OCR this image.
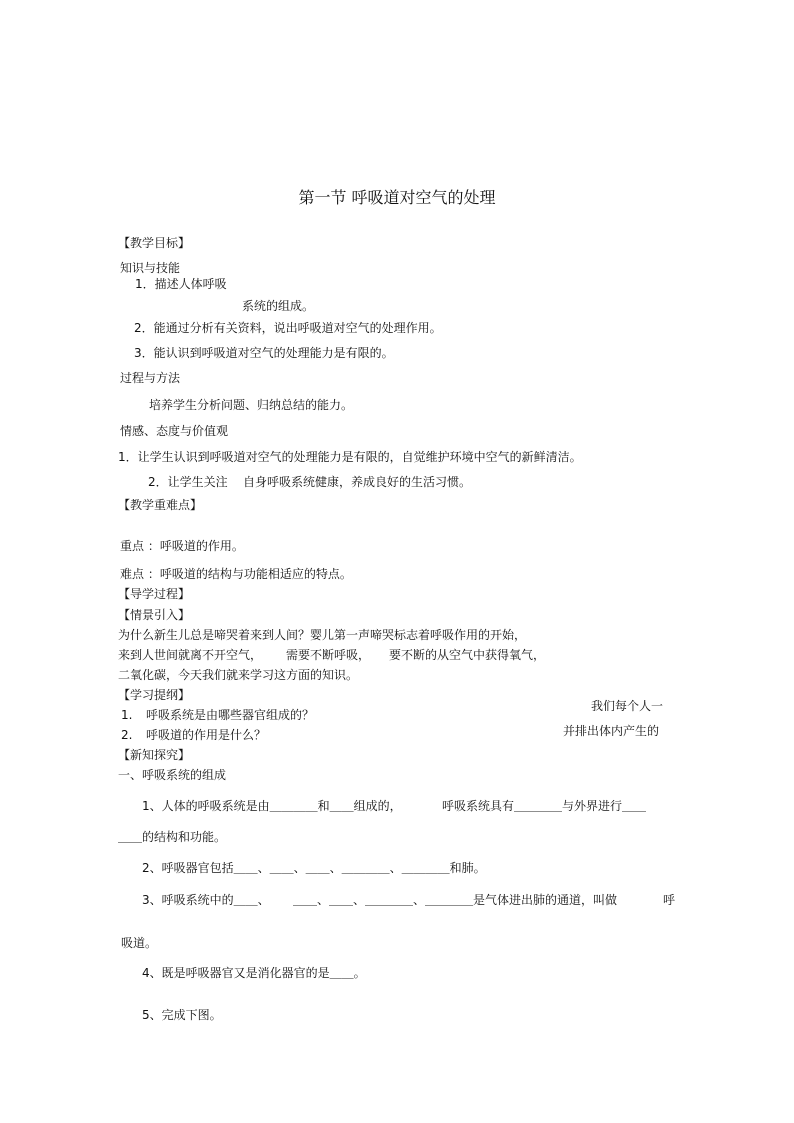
第一节 呼吸道对空气的处理
【教学目标】
知识与技能
1．描述人体呼吸
系统的组成。
2．能通过分析有关资料，说出呼吸道对空气的处理作用。
3．能认识到呼吸道对空气的处理能力是有限的。
过程与方法
培养学生分析问题、归纳总结的能力。
情感、态度与价值观
1．让学生认识到呼吸道对空气的处理能力是有限的，自觉维护环境中空气的新鲜清洁。
2．让学生关注 自身呼吸系统健康，养成良好的生活习惯。
【教学重难点】
重点 ：呼吸道的作用。
难点 ：呼吸道的结构与功能相适应的特点。
【导学过程】
【情景引入】
为什么新生儿总是啼哭着来到人间？婴儿第一声啼哭标志着呼吸作用的开始，
来到人世间就离不开空气， 需要不断呼吸， 要不断的从空气中获得氧气，
二氧化碳，今天我们就来学习这方面的知识。
【学习提纲】
我们每个人一
1. 呼吸系统是由哪些器官组成的？
并排出体内产生的
2. 呼吸道的作用是什么？
【新知探究】
一、呼吸系统的组成
1、人体的呼吸系统是由＿＿＿＿和＿＿组成的，	呼吸系统具有＿＿＿＿与外界进行＿＿
＿＿的结构和功能。
2、呼吸器官包括＿＿、＿＿、＿＿、＿＿＿＿、＿＿＿＿和肺。
3、呼吸系统中的＿＿、 ＿＿、＿＿、＿＿＿＿、＿＿＿＿是气体进出肺的通道，叫做	呼
吸道。
4、既是呼吸器官又是消化器官的是＿＿。
5、完成下图。
